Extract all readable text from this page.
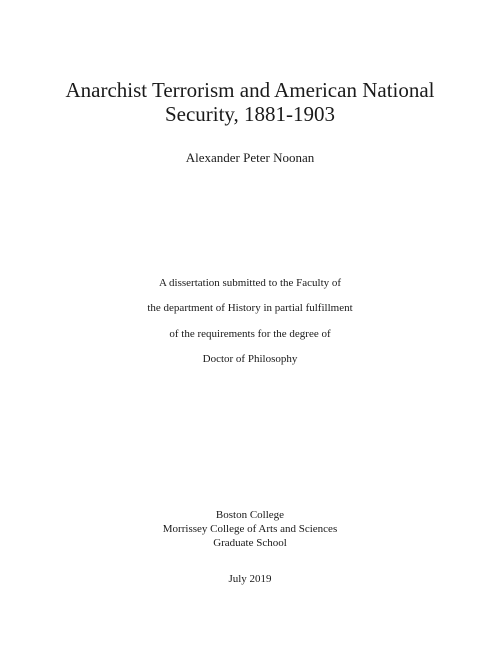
Anarchist Terrorism and American National
Security, 1881-1903
Alexander Peter Noonan
A dissertation submitted to the Faculty of
the department of History in partial fulfillment
of the requirements for the degree of
Doctor of Philosophy
Boston College
Morrissey College of Arts and Sciences
Graduate School
July 2019
